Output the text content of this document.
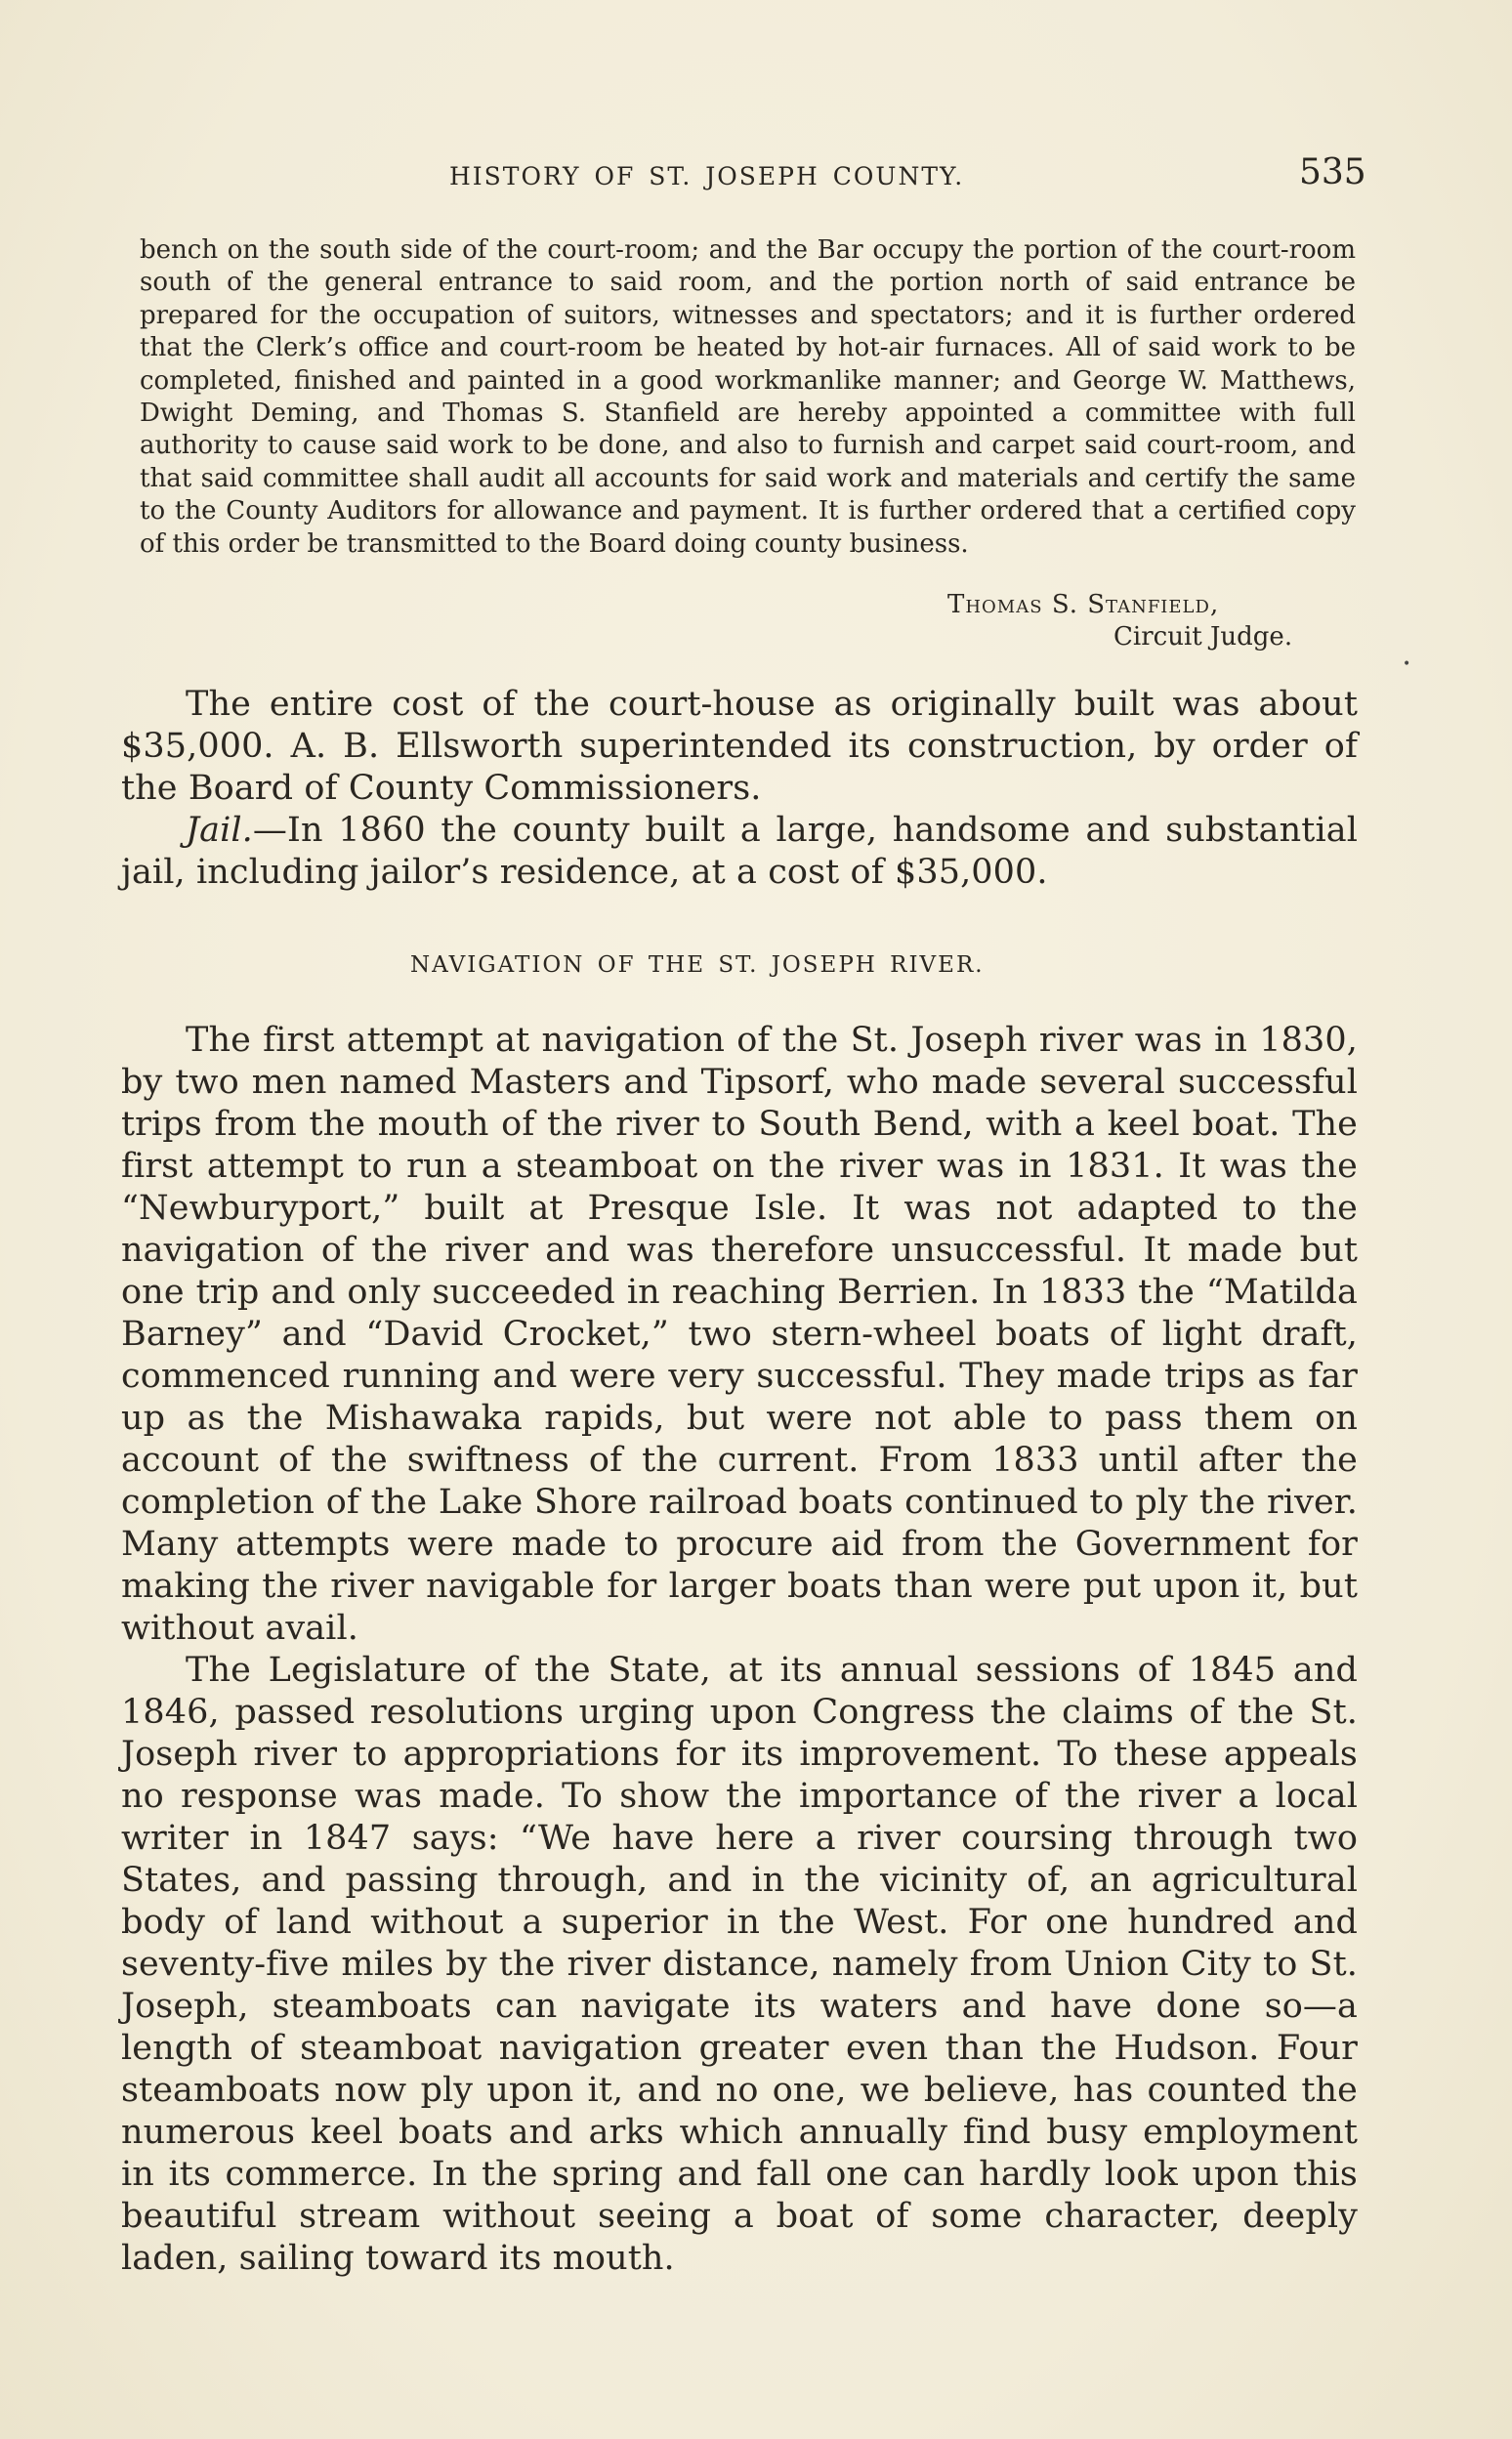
HISTORY OF ST. JOSEPH COUNTY.	535
bench on the south side of the court-room; and the Bar occupy the portion of the court-room south of the general entrance to said room, and the portion north of said entrance be prepared for the occupation of suitors, witnesses and spectators; and it is further ordered that the Clerk’s office and court-room be heated by hot-air furnaces. All of said work to be completed, finished and painted in a good workmanlike manner; and George W. Matthews, Dwight Deming, and Thomas S. Stanfield are hereby appointed a committee with full authority to cause said work to be done, and also to furnish and carpet said court-room, and that said committee shall audit all accounts for said work and materials and certify the same to the County Auditors for allowance and payment. It is further ordered that a certified copy of this order be transmitted to the Board doing county business.
Thomas S. Stanfield,
Circuit Judge.
•

The entire cost of the court-house as originally built was about $35,000. A. B. Ellsworth superintended its construction, by order of the Board of County Commissioners.

Jail.—In 1860 the county built a large, handsome and substantial jail, including jailor’s residence, at a cost of $35,000.

NAVIGATION OF THE ST. JOSEPH RIVER.

The first attempt at navigation of the St. Joseph river was in 1830, by two men named Masters and Tipsorf, who made several successful trips from the mouth of the river to South Bend, with a keel boat. The first attempt to run a steamboat on the river was in 1831. It was the “Newburyport,” built at Presque Isle. It was not adapted to the navigation of the river and was therefore unsuccessful. It made but one trip and only succeeded in reaching Berrien. In 1833 the “Matilda Barney” and “David Crocket,” two stern-wheel boats of light draft, commenced running and were very successful. They made trips as far up as the Mishawaka rapids, but were not able to pass them on account of the swiftness of the current. From 1833 until after the completion of the Lake Shore railroad boats continued to ply the river. Many attempts were made to procure aid from the Government for making the river navigable for larger boats than were put upon it, but without avail.

The Legislature of the State, at its annual sessions of 1845 and 1846, passed resolutions urging upon Congress the claims of the St. Joseph river to appropriations for its improvement. To these appeals no response was made. To show the importance of the river a local writer in 1847 says: “We have here a river coursing through two States, and passing through, and in the vicinity of, an agricultural body of land without a superior in the West. For one hundred and seventy-five miles by the river distance, namely from Union City to St. Joseph, steamboats can navigate its waters and have done so—a length of steamboat navigation greater even than the Hudson. Four steamboats now ply upon it, and no one, we believe, has counted the numerous keel boats and arks which annually find busy employment in its commerce. In the spring and fall one can hardly look upon this beautiful stream without seeing a boat of some character, deeply laden, sailing toward its mouth.
